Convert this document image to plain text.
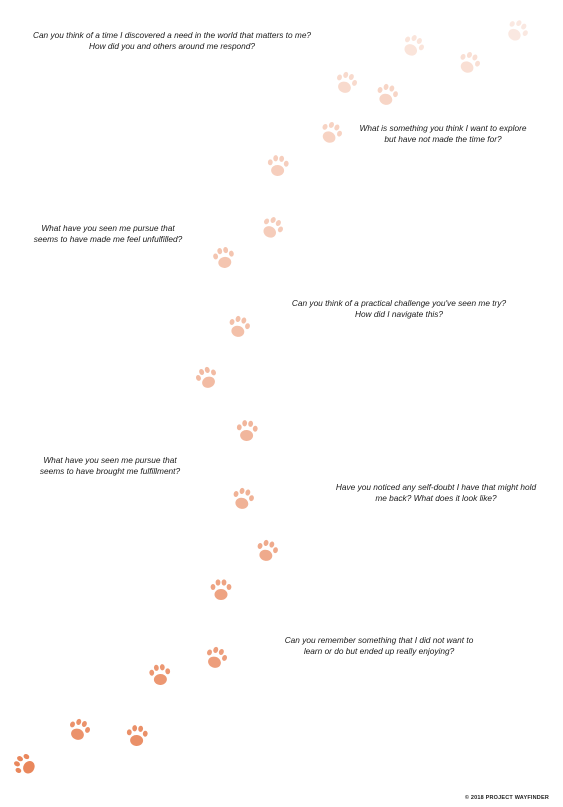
Can you think of a time I discovered a need in the world that matters to me?
How did you and others around me respond?
What is something you think I want to explore
but have not made the time for?
What have you seen me pursue that
seems to have made me feel unfulfilled?
Can you think of a practical challenge you've seen me try?
How did I navigate this?
What have you seen me pursue that
seems to have brought me fulfillment?
Have you noticed any self-doubt I have that might hold
me back? What does it look like?
Can you remember something that I did not want to
learn or do but ended up really enjoying?
© 2018 PROJECT WAYFINDER
